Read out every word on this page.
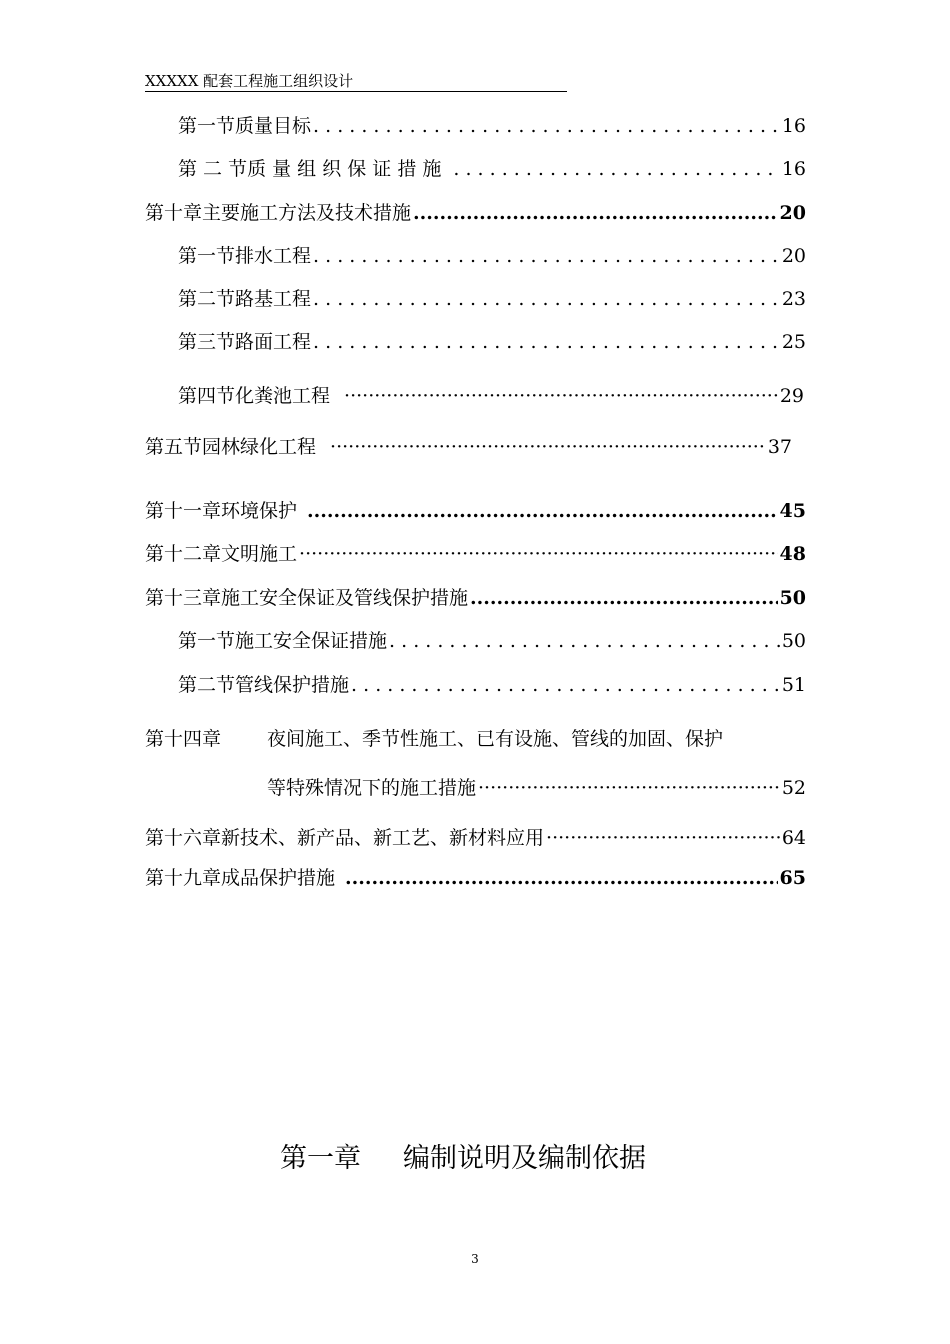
XXXXX 配套工程施工组织设计
第一节 质量目标 . . .	16
第 二 节 质 量 组 织 保 证 措 施 . . .	16
第十章 主要施工方法及技术措施 .....	20
第一节 排水工程 . . .	20
第二节 路基工程 . . .	23
第三节 路面工程 . . .	25
第四节 化粪池工程 ·····	29
第五节 园林绿化工程 ·····	37
第十一章 环境保护 .....	45
第十二章 文明施工 ·····	48
第十三章 施工安全保证及管线保护措施 .....	50
第一节 施工安全保证措施 . . .	50
第二节 管线保护措施 . . .	51
第十四章	夜间施工、季节性施工、已有设施、管线的加固、保护
等特殊情况下的施工措施 ·····	52
第十六章 新技术、新产品、新工艺、新材料应用 ·····	64
第十九章 成品保护措施 .....	65
第一章 编制说明及编制依据
3
